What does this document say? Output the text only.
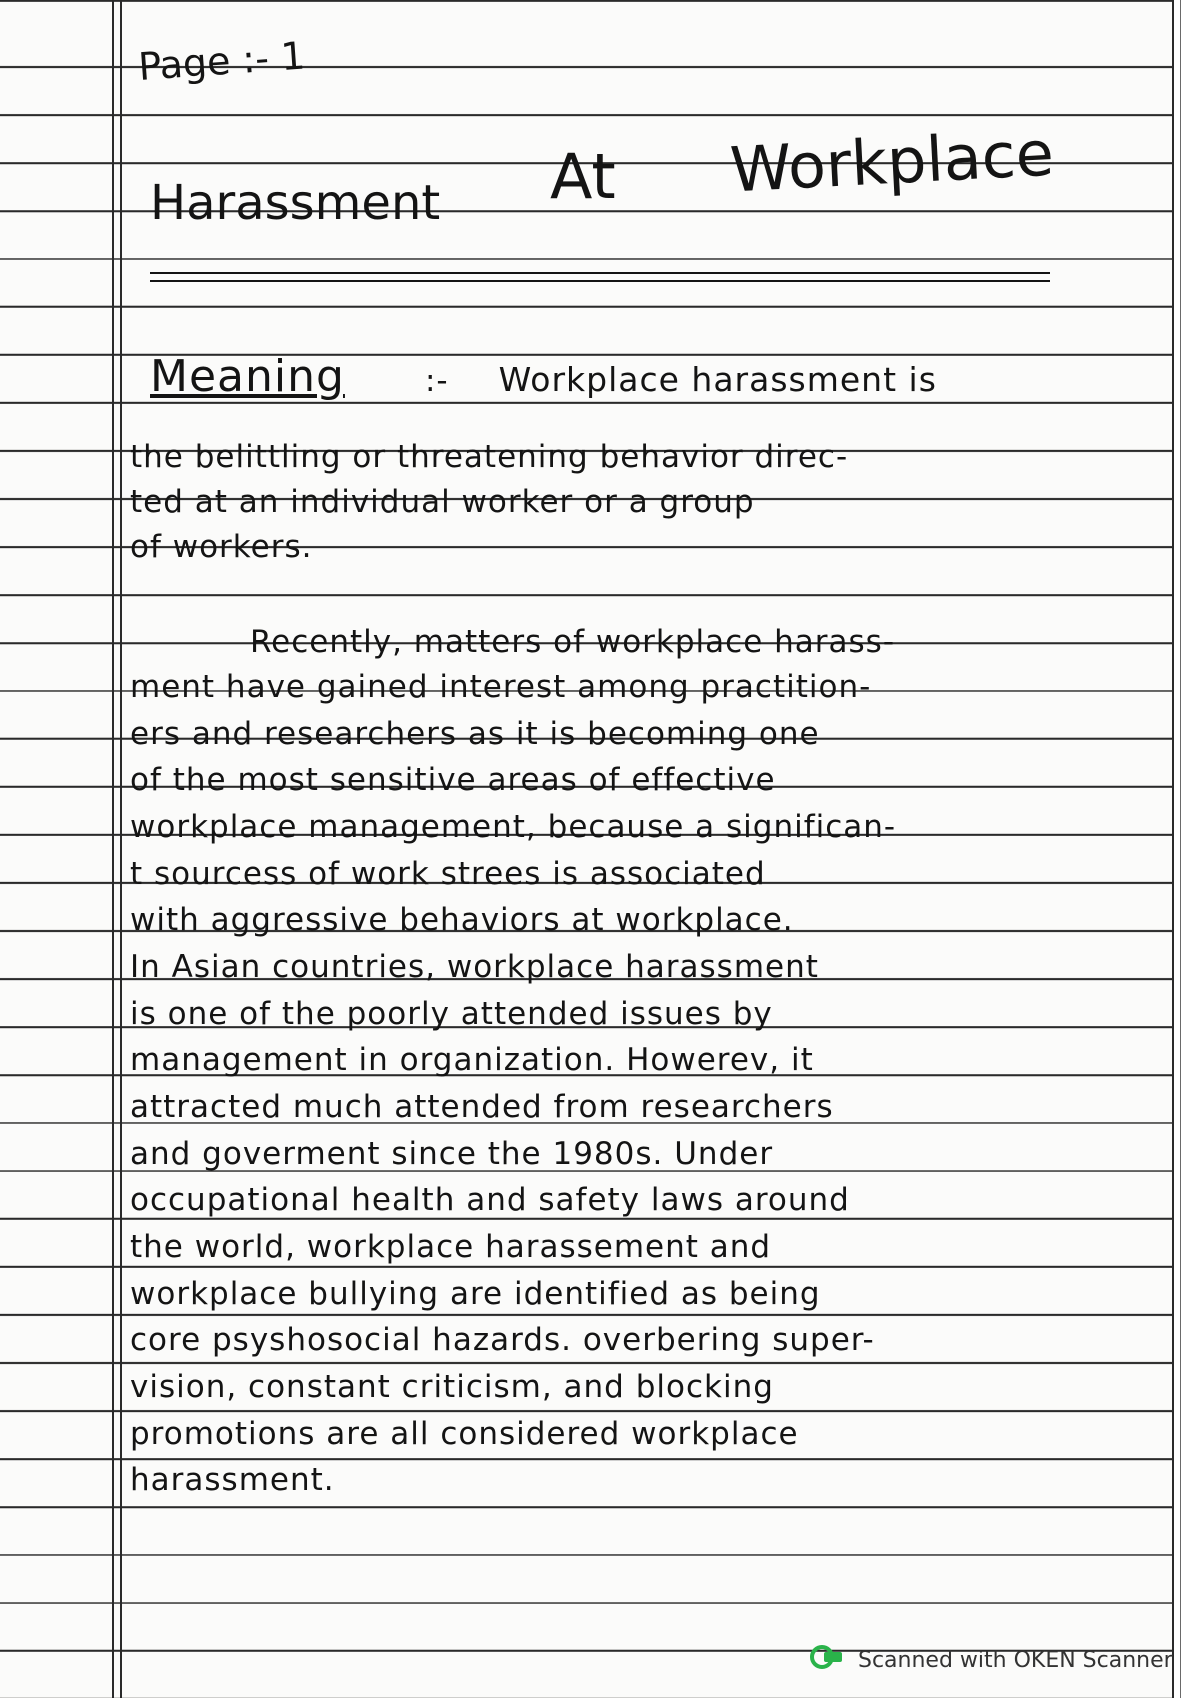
Page :- 1
Harassment At Workplace
Meaning	:- Workplace harassment is
the belittling or threatening behavior direc-
ted at an individual worker or a group
of workers.
Recently, matters of workplace harass-
ment have gained interest among practition-
ers and researchers as it is becoming one
of the most sensitive areas of effective
workplace management, because a significan-
t sourcess of work strees is associated
with aggressive behaviors at workplace.
In Asian countries, workplace harassment
is one of the poorly attended issues by
management in organization. Howerev, it
attracted much attended from researchers
and goverment since the 1980s. Under
occupational health and safety laws around
the world, workplace harassement and
workplace bullying are identified as being
core psyshosocial hazards. overbering super-
vision, constant criticism, and blocking
promotions are all considered workplace
harassment.
Scanned with OKEN Scanner
